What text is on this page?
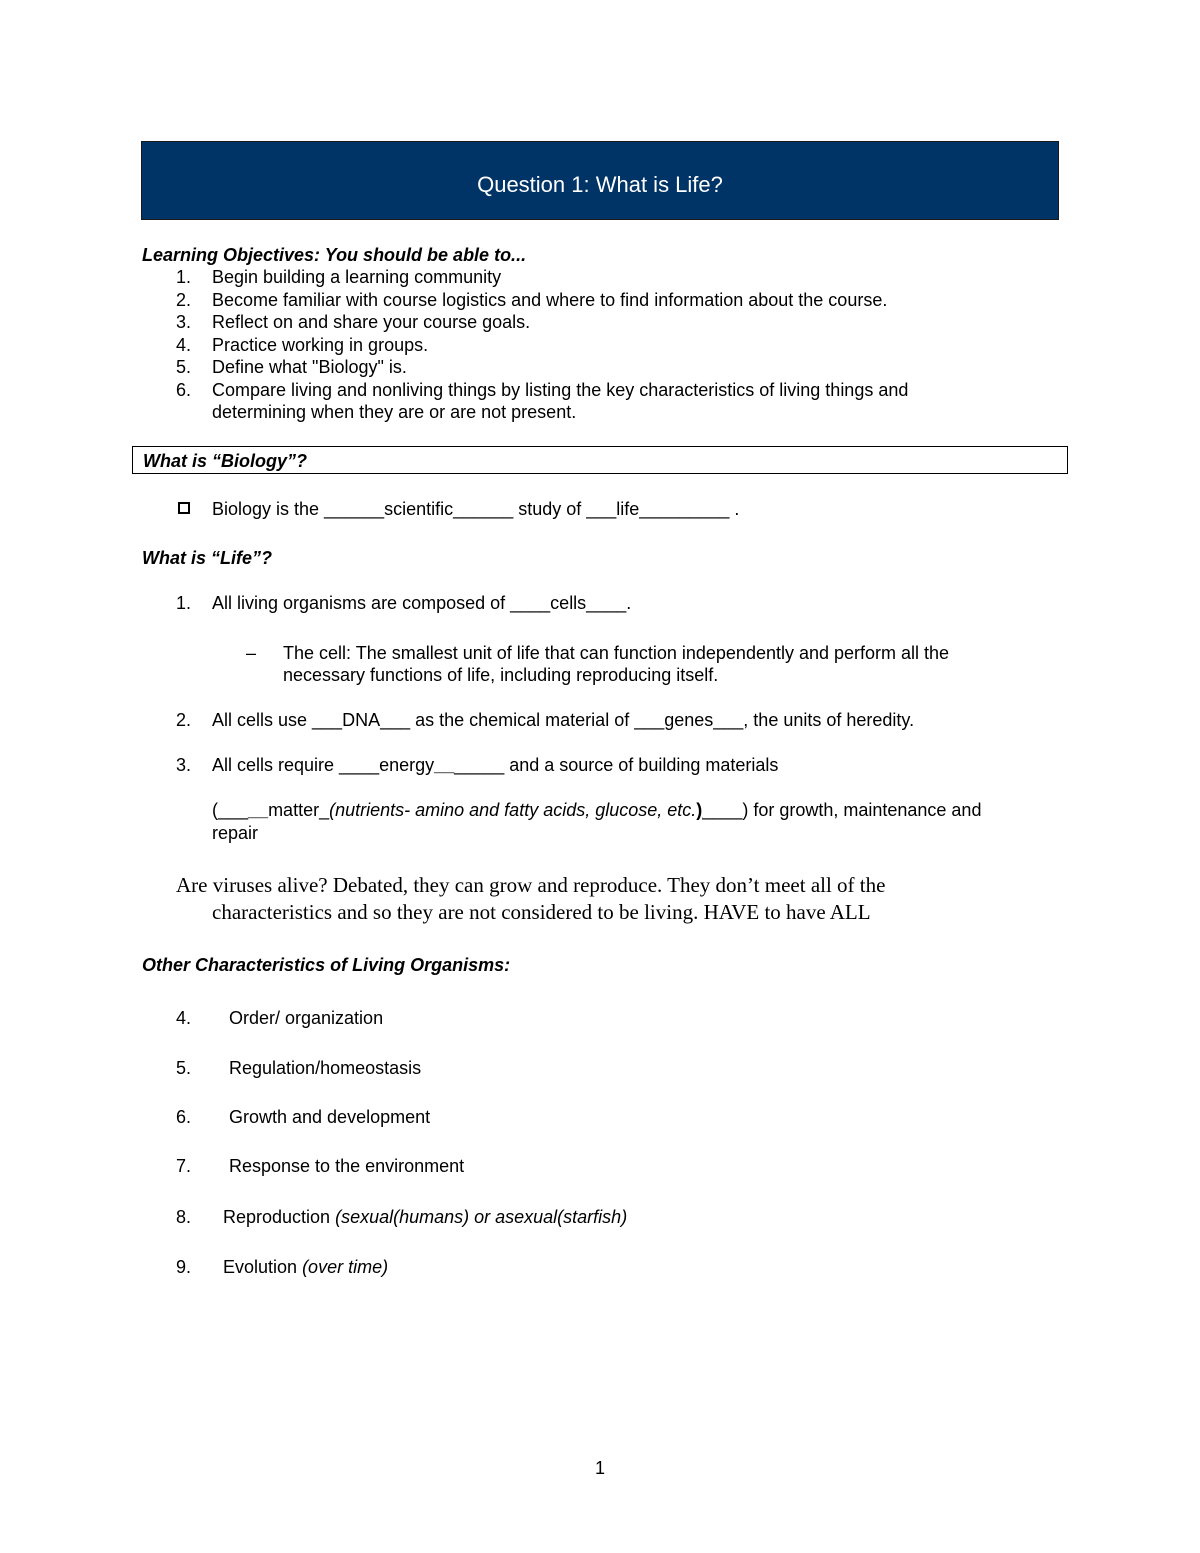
Question 1: What is Life?
Learning Objectives: You should be able to...
1. Begin building a learning community
2. Become familiar with course logistics and where to find information about the course.
3. Reflect on and share your course goals.
4. Practice working in groups.
5. Define what "Biology" is.
6. Compare living and nonliving things by listing the key characteristics of living things and
determining when they are or are not present.
What is “Biology”?
Biology is the ______scientific______ study of ___life_________ .
What is “Life”?
1. All living organisms are composed of ____cells____.
– The cell: The smallest unit of life that can function independently and perform all the
necessary functions of life, including reproducing itself.
2. All cells use ___DNA___ as the chemical material of ___genes___, the units of heredity.
3. All cells require ____energy_______ and a source of building materials
(_____matter_(nutrients- amino and fatty acids, glucose, etc.)____) for growth, maintenance and
repair
Are viruses alive? Debated, they can grow and reproduce. They don’t meet all of the
characteristics and so they are not considered to be living. HAVE to have ALL
Other Characteristics of Living Organisms:
4. Order/ organization
5. Regulation/homeostasis
6. Growth and development
7. Response to the environment
8. Reproduction (sexual(humans) or asexual(starfish)
9. Evolution (over time)
1
